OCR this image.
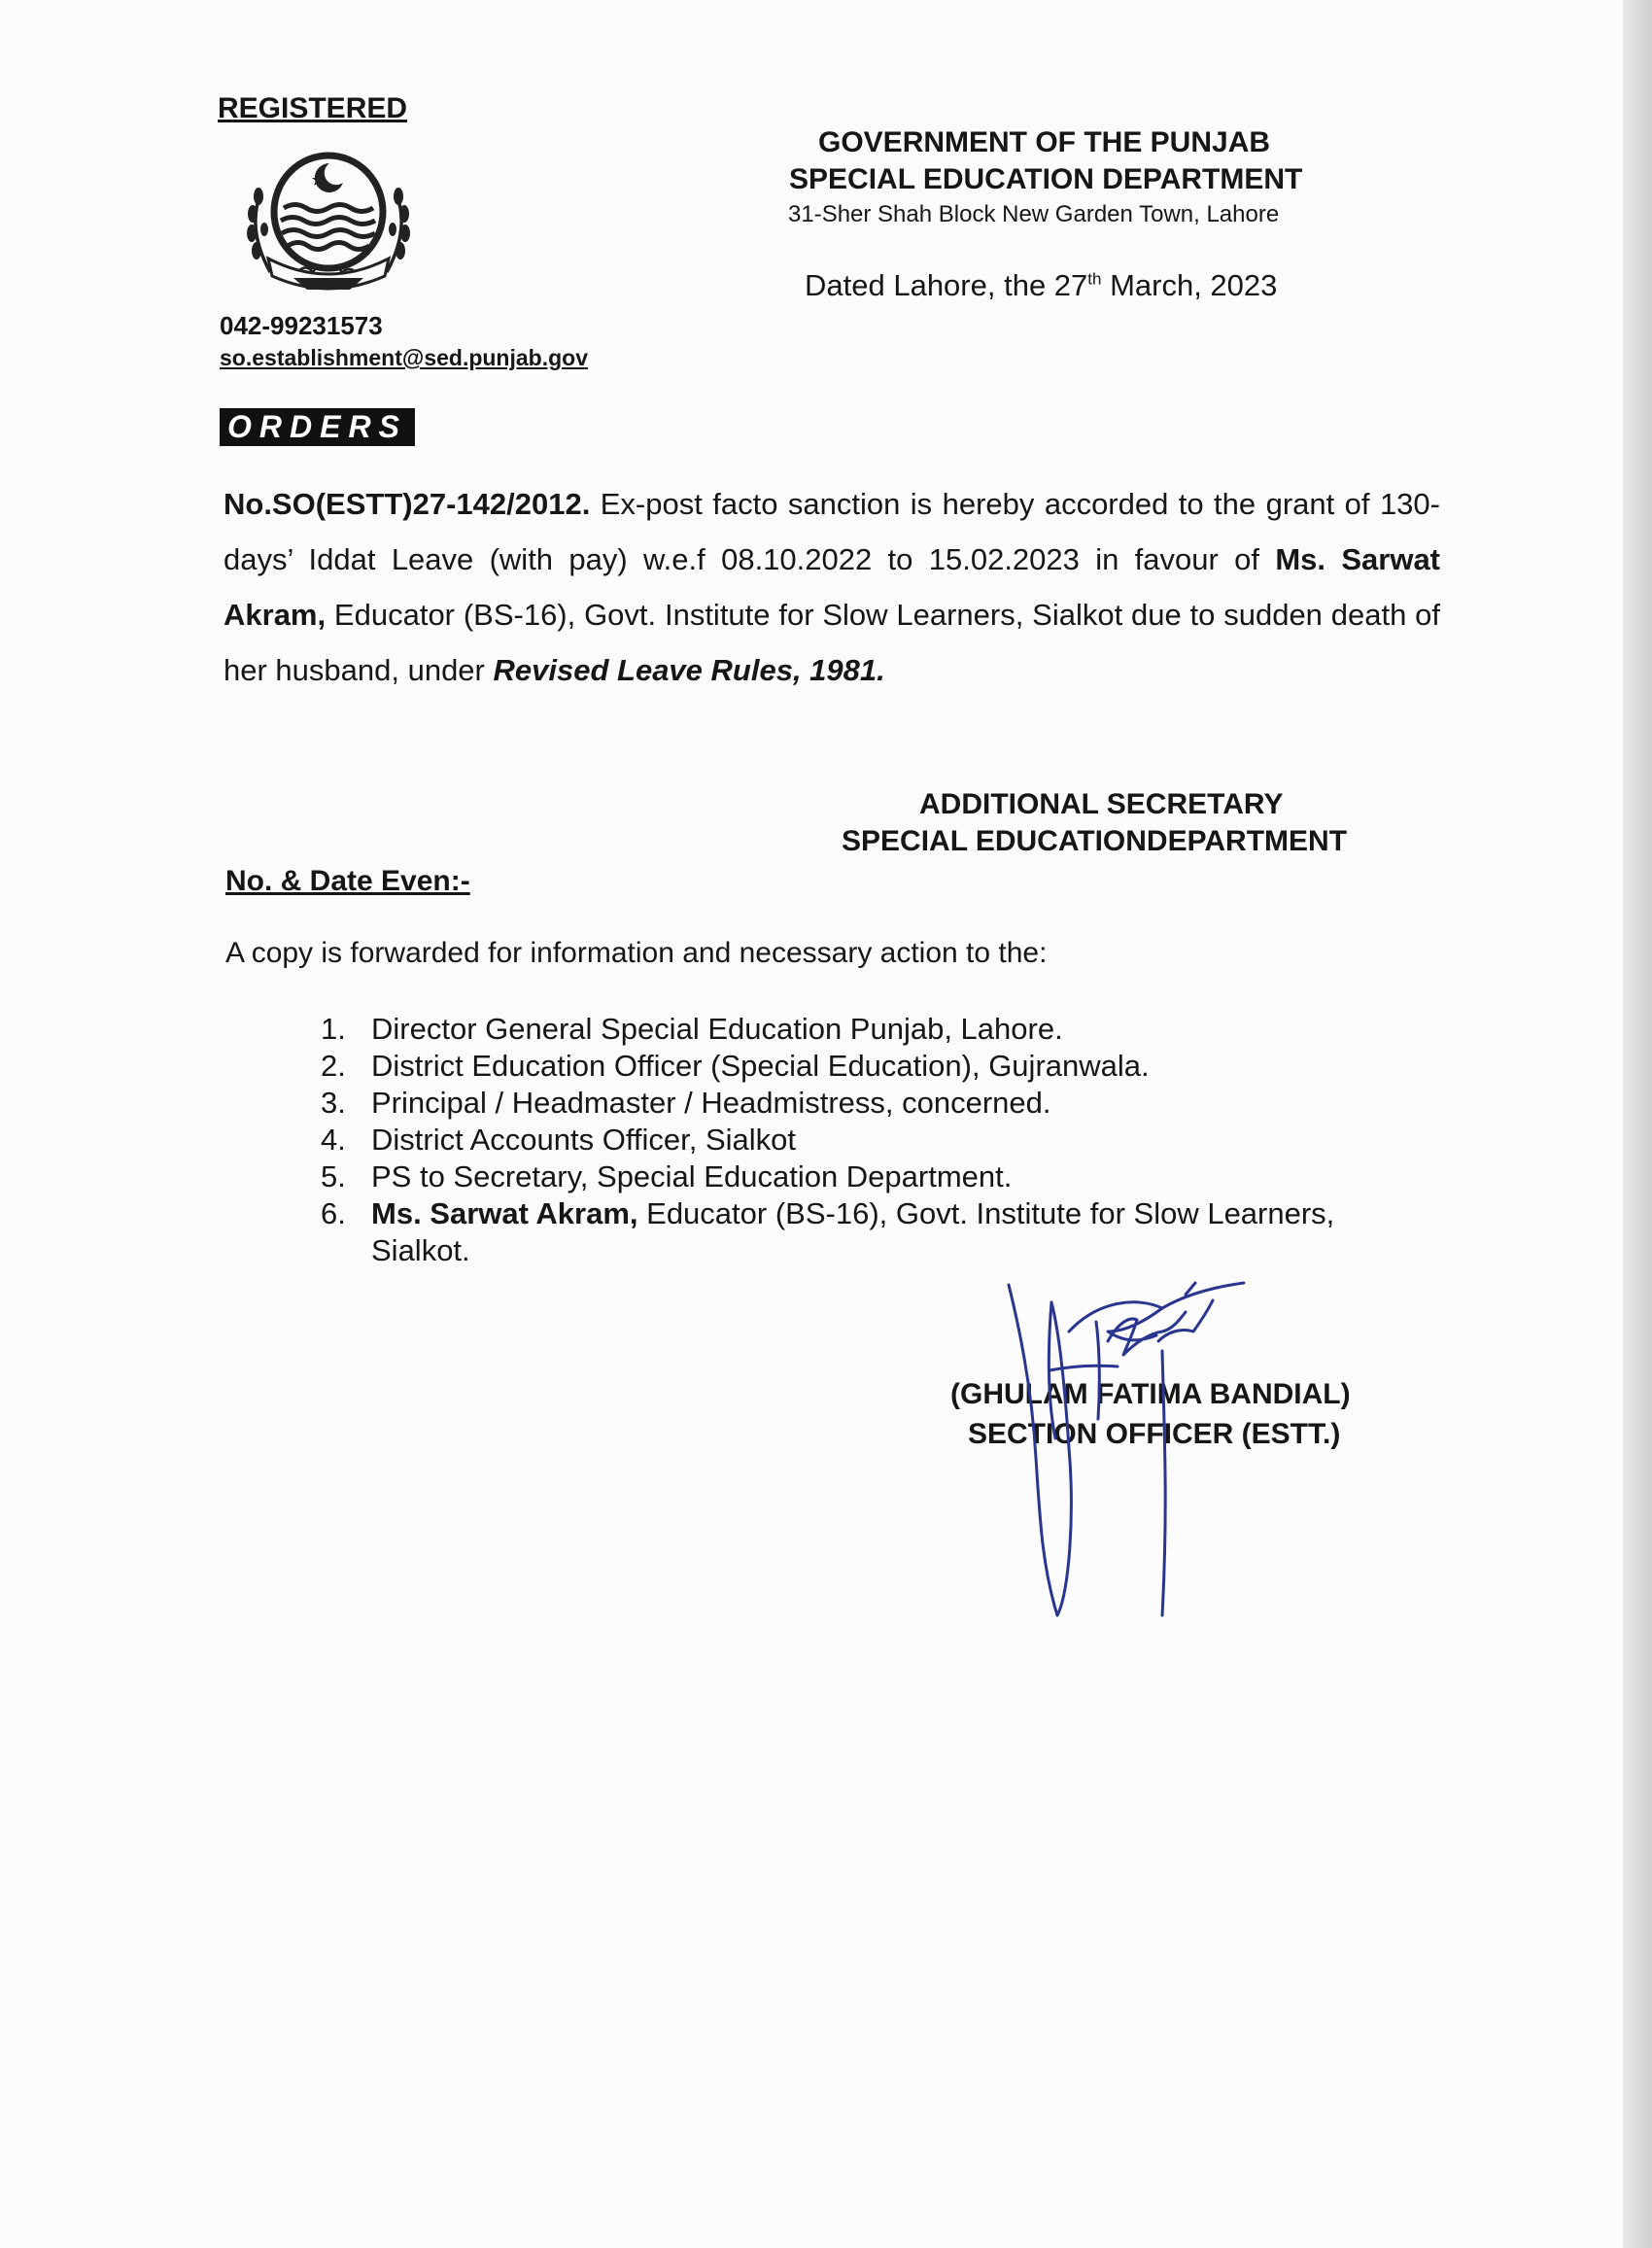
REGISTERED
042-99231573
so.establishment@sed.punjab.gov
GOVERNMENT OF THE PUNJAB
SPECIAL EDUCATION DEPARTMENT
31-Sher Shah Block New Garden Town, Lahore
Dated Lahore, the 27th March, 2023
ORDERS
No.SO(ESTT)27-142/2012. Ex-post facto sanction is hereby accorded to the grant of 130-days’ Iddat Leave (with pay) w.e.f 08.10.2022 to 15.02.2023 in favour of Ms. Sarwat Akram, Educator (BS-16), Govt. Institute for Slow Learners, Sialkot due to sudden death of her husband, under Revised Leave Rules, 1981.
ADDITIONAL SECRETARY
SPECIAL EDUCATIONDEPARTMENT
No. & Date Even:-
A copy is forwarded for information and necessary action to the:
1. Director General Special Education Punjab, Lahore.
2. District Education Officer (Special Education), Gujranwala.
3. Principal / Headmaster / Headmistress, concerned.
4. District Accounts Officer, Sialkot
5. PS to Secretary, Special Education Department.
6. Ms. Sarwat Akram, Educator (BS-16), Govt. Institute for Slow Learners, Sialkot.
(GHULAM FATIMA BANDIAL)
SECTION OFFICER (ESTT.)
